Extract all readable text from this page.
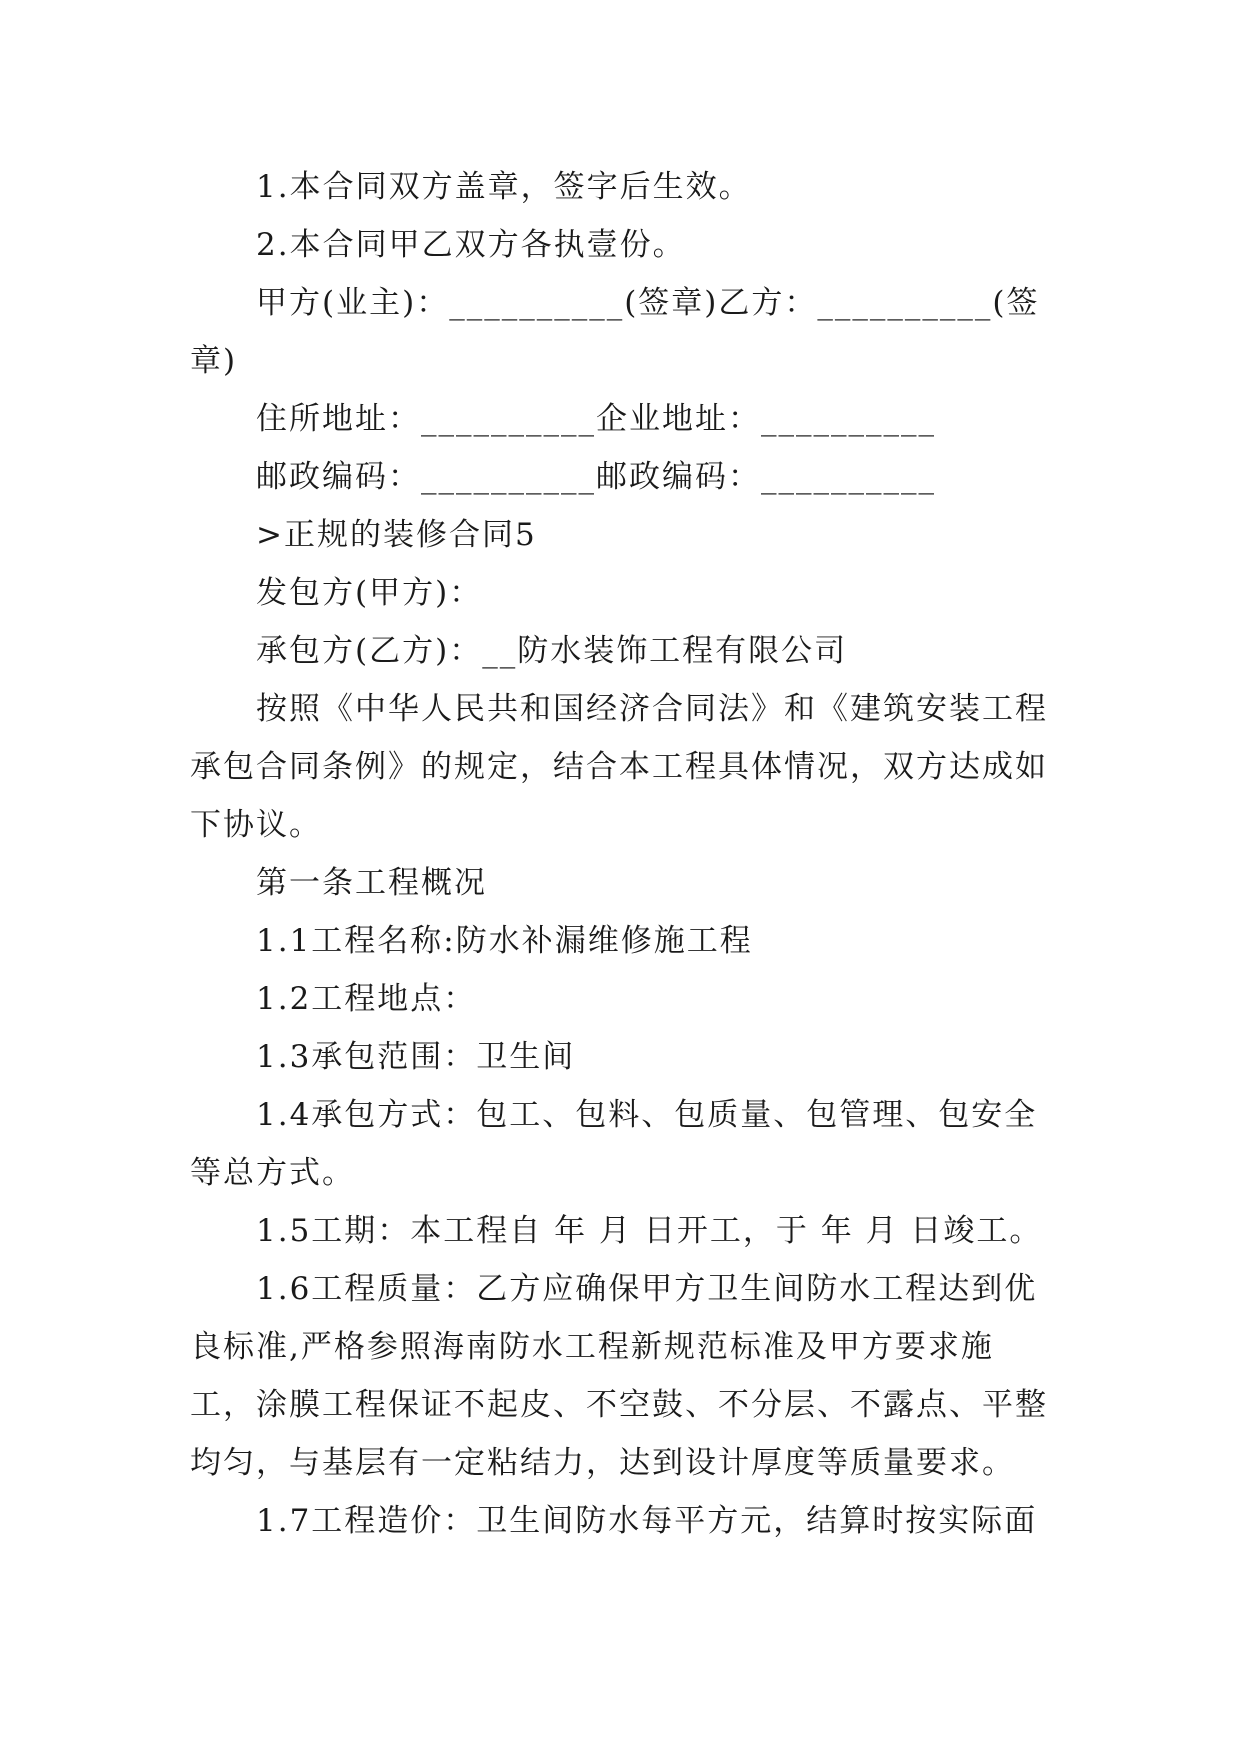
1.本合同双方盖章，签字后生效。

2.本合同甲乙双方各执壹份。

甲方(业主)：__________(签章)乙方：__________(签章)

住所地址：__________企业地址：__________

邮政编码：__________邮政编码：__________

>正规的装修合同5

发包方(甲方)：

承包方(乙方)：__防水装饰工程有限公司

按照《中华人民共和国经济合同法》和《建筑安装工程承包合同条例》的规定，结合本工程具体情况，双方达成如下协议。

第一条工程概况

1.1工程名称:防水补漏维修施工程

1.2工程地点：

1.3承包范围：卫生间

1.4承包方式：包工、包料、包质量、包管理、包安全等总方式。

1.5工期：本工程自 年 月 日开工，于 年 月 日竣工。

1.6工程质量：乙方应确保甲方卫生间防水工程达到优良标准,严格参照海南防水工程新规范标准及甲方要求施工，涂膜工程保证不起皮、不空鼓、不分层、不露点、平整均匀，与基层有一定粘结力，达到设计厚度等质量要求。

1.7工程造价：卫生间防水每平方元，结算时按实际面
